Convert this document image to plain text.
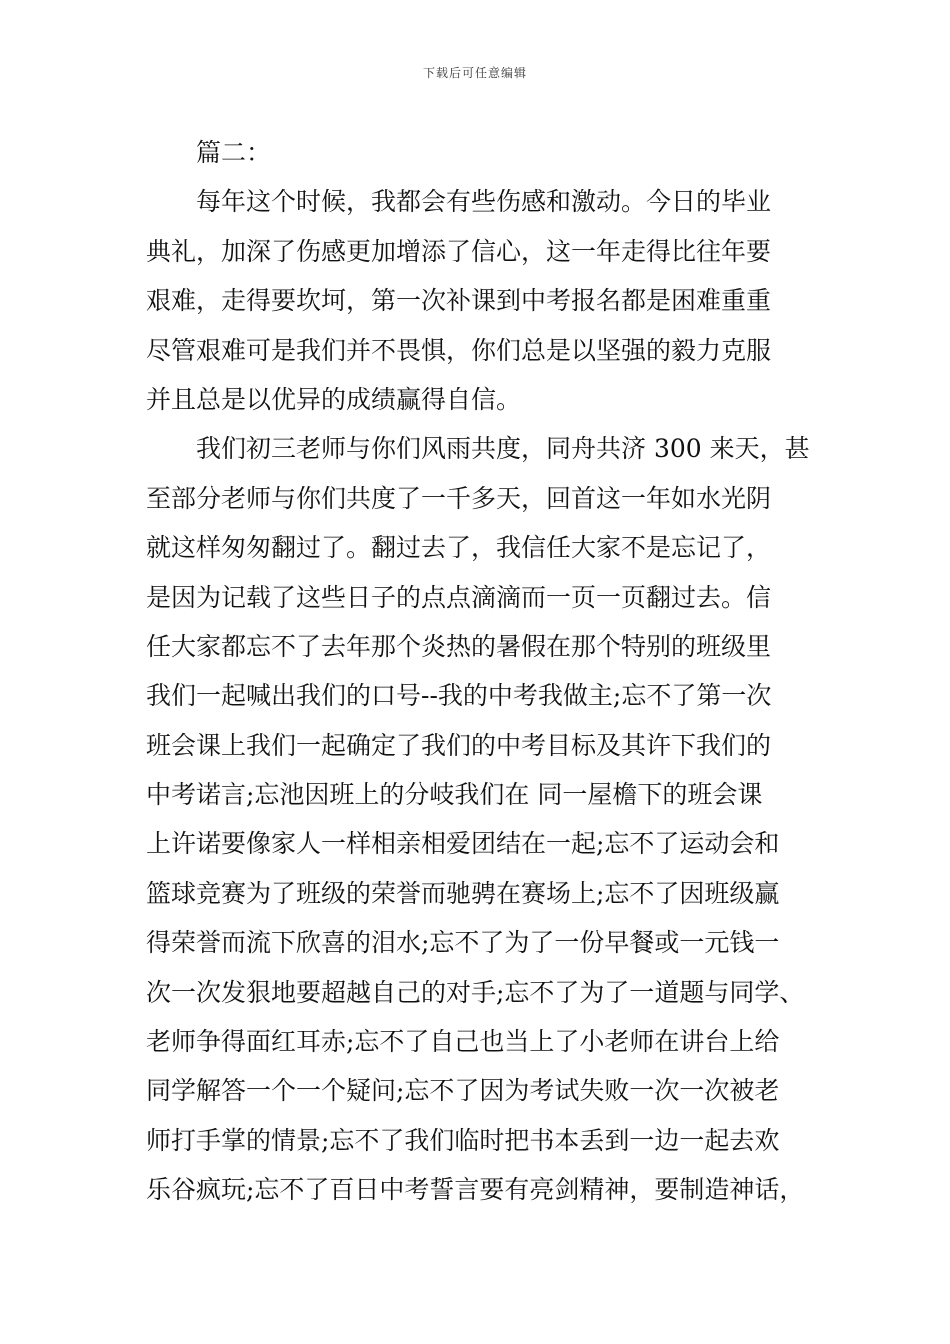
下载后可任意编辑
篇二：
每年这个时候，我都会有些伤感和激动。今日的毕业
典礼，加深了伤感更加增添了信心，这一年走得比往年要
艰难，走得要坎坷，第一次补课到中考报名都是困难重重
尽管艰难可是我们并不畏惧，你们总是以坚强的毅力克服
并且总是以优异的成绩赢得自信。
我们初三老师与你们风雨共度，同舟共济 300 来天，甚
至部分老师与你们共度了一千多天，回首这一年如水光阴
就这样匆匆翻过了。翻过去了，我信任大家不是忘记了，
是因为记载了这些日子的点点滴滴而一页一页翻过去。信
任大家都忘不了去年那个炎热的暑假在那个特别的班级里
我们一起喊出我们的口号--我的中考我做主;忘不了第一次
班会课上我们一起确定了我们的中考目标及其许下我们的
中考诺言;忘池因班上的分岐我们在 同一屋檐下的班会课
上许诺要像家人一样相亲相爱团结在一起;忘不了运动会和
篮球竞赛为了班级的荣誉而驰骋在赛场上;忘不了因班级赢
得荣誉而流下欣喜的泪水;忘不了为了一份早餐或一元钱一
次一次发狠地要超越自己的对手;忘不了为了一道题与同学、
老师争得面红耳赤;忘不了自己也当上了小老师在讲台上给
同学解答一个一个疑问;忘不了因为考试失败一次一次被老
师打手掌的情景;忘不了我们临时把书本丢到一边一起去欢
乐谷疯玩;忘不了百日中考誓言要有亮剑精神，要制造神话，
